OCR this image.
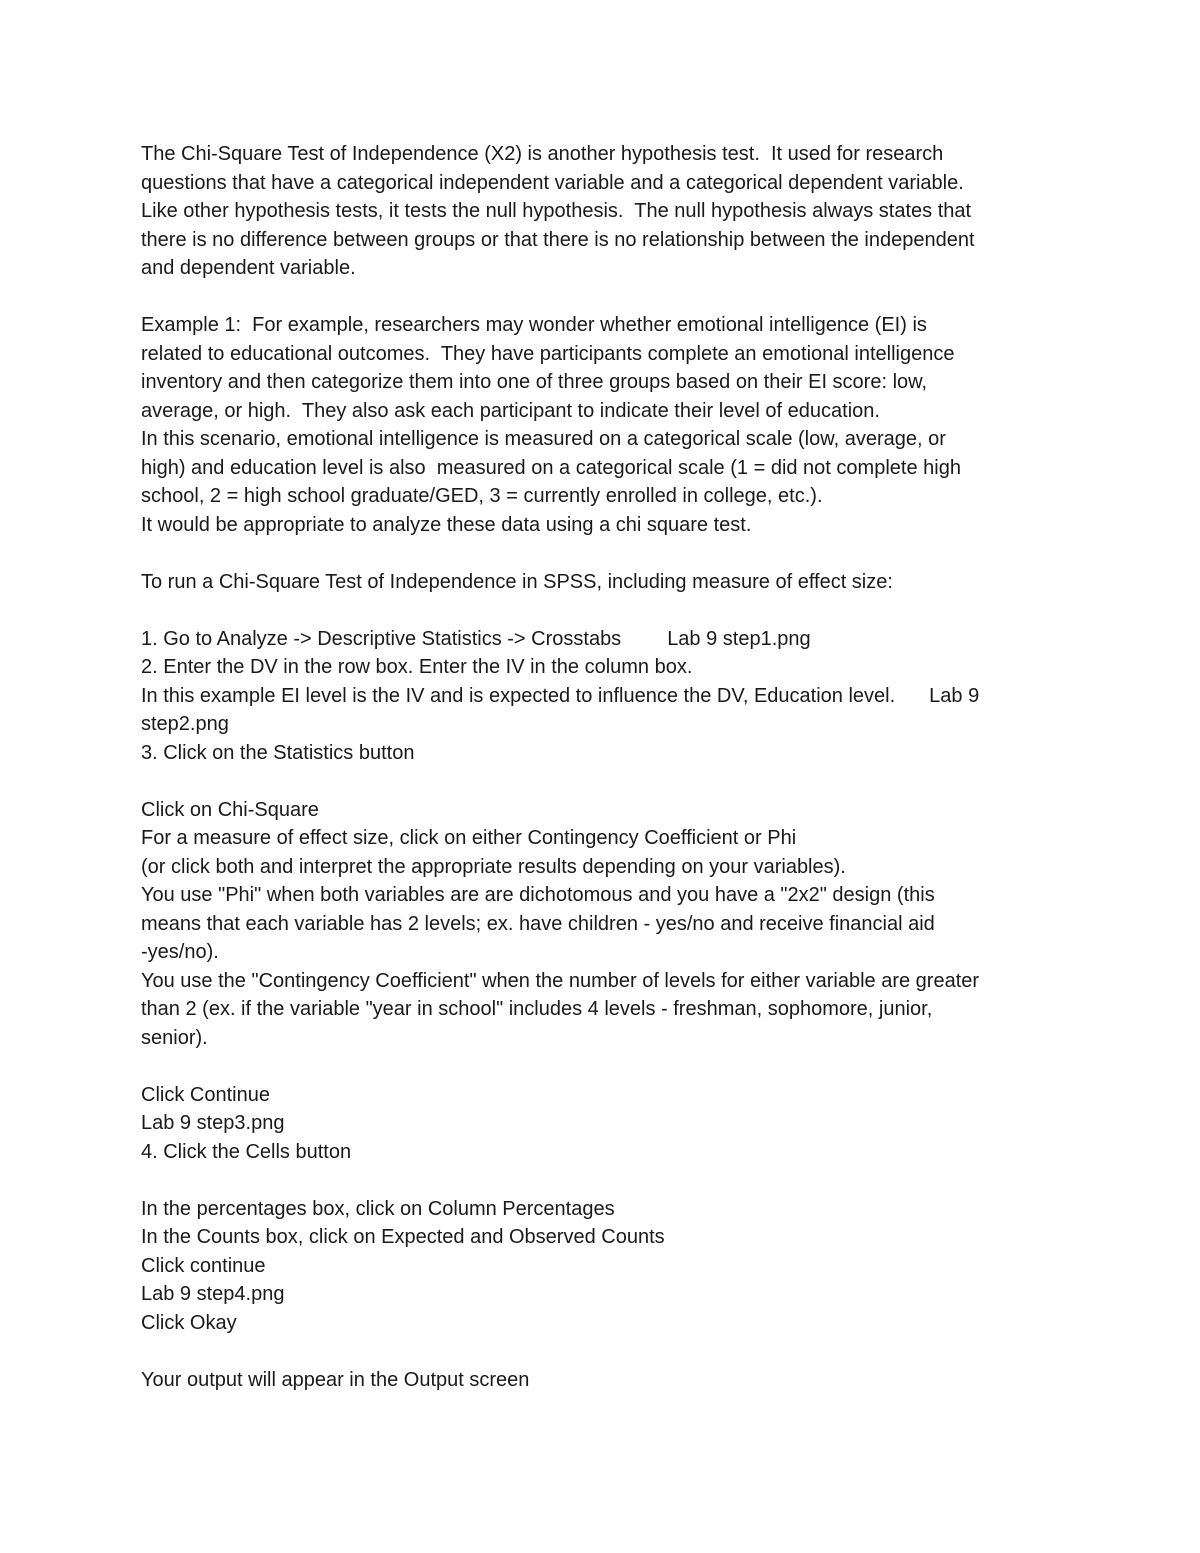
The Chi-Square Test of Independence (X2) is another hypothesis test.  It used for research
questions that have a categorical independent variable and a categorical dependent variable.
Like other hypothesis tests, it tests the null hypothesis.  The null hypothesis always states that
there is no difference between groups or that there is no relationship between the independent
and dependent variable.
Example 1:  For example, researchers may wonder whether emotional intelligence (EI) is
related to educational outcomes.  They have participants complete an emotional intelligence
inventory and then categorize them into one of three groups based on their EI score: low,
average, or high.  They also ask each participant to indicate their level of education.
In this scenario, emotional intelligence is measured on a categorical scale (low, average, or
high) and education level is also  measured on a categorical scale (1 = did not complete high
school, 2 = high school graduate/GED, 3 = currently enrolled in college, etc.).
It would be appropriate to analyze these data using a chi square test.
To run a Chi-Square Test of Independence in SPSS, including measure of effect size:
1. Go to Analyze -> Descriptive Statistics -> Crosstabs Lab 9 step1.png
2. Enter the DV in the row box. Enter the IV in the column box.
In this example EI level is the IV and is expected to influence the DV, Education level. Lab 9
step2.png
3. Click on the Statistics button
Click on Chi-Square
For a measure of effect size, click on either Contingency Coefficient or Phi
(or click both and interpret the appropriate results depending on your variables).
You use "Phi" when both variables are are dichotomous and you have a "2x2" design (this
means that each variable has 2 levels; ex. have children - yes/no and receive financial aid
-yes/no).
You use the "Contingency Coefficient" when the number of levels for either variable are greater
than 2 (ex. if the variable "year in school" includes 4 levels - freshman, sophomore, junior,
senior).
Click Continue
Lab 9 step3.png
4. Click the Cells button
In the percentages box, click on Column Percentages
In the Counts box, click on Expected and Observed Counts
Click continue
Lab 9 step4.png
Click Okay
Your output will appear in the Output screen
